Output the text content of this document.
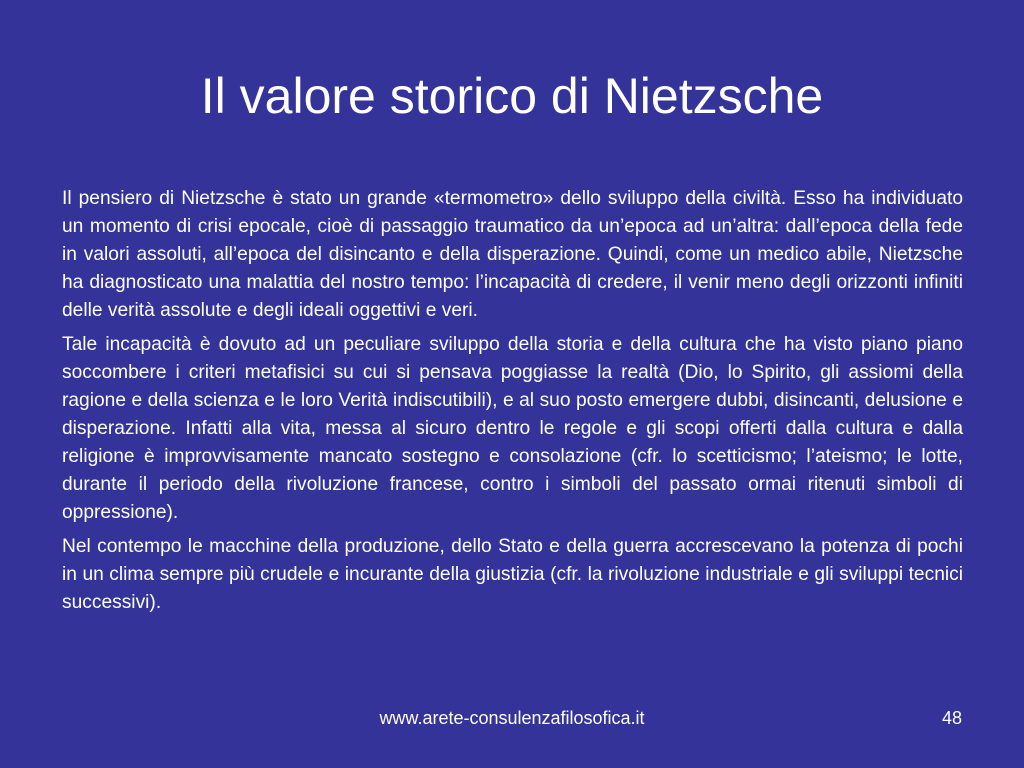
Il valore storico di Nietzsche

Il pensiero di Nietzsche è stato un grande «termometro» dello sviluppo della civiltà. Esso ha individuato un momento di crisi epocale, cioè di passaggio traumatico da un’epoca ad un’altra: dall’epoca della fede in valori assoluti, all’epoca del disincanto e della disperazione. Quindi, come un medico abile, Nietzsche ha diagnosticato una malattia del nostro tempo: l’incapacità di credere, il venir meno degli orizzonti infiniti delle verità assolute e degli ideali oggettivi e veri.

Tale incapacità è dovuto ad un peculiare sviluppo della storia e della cultura che ha visto piano piano soccombere i criteri metafisici su cui si pensava poggiasse la realtà (Dio, lo Spirito, gli assiomi della ragione e della scienza e le loro Verità indiscutibili), e al suo posto emergere dubbi, disincanti, delusione e disperazione. Infatti alla vita, messa al sicuro dentro le regole e gli scopi offerti dalla cultura e dalla religione è improvvisamente mancato sostegno e consolazione (cfr. lo scetticismo; l’ateismo; le lotte, durante il periodo della rivoluzione francese, contro i simboli del passato ormai ritenuti simboli di oppressione).

Nel contempo le macchine della produzione, dello Stato e della guerra accrescevano la potenza di pochi in un clima sempre più crudele e incurante della giustizia (cfr. la rivoluzione industriale e gli sviluppi tecnici successivi).

www.arete-consulenzafilosofica.it	48
